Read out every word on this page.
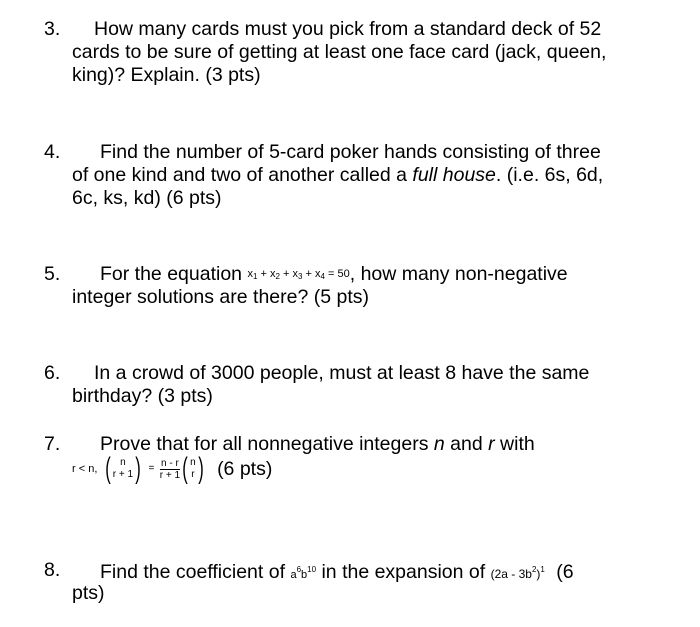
3. How many cards must you pick from a standard deck of 52
cards to be sure of getting at least one face card (jack, queen,
king)? Explain. (3 pts)
4. Find the number of 5-card poker hands consisting of three
of one kind and two of another called a full house. (i.e. 6s, 6d,
6c, ks, kd) (6 pts)
5. For the equation $x_1 + x_2 + x_3 + x_4 = 50$, how many non-negative
integer solutions are there? (5 pts)
6. In a crowd of 3000 people, must at least 8 have the same
birthday? (3 pts)
7. Prove that for all nonnegative integers n and r with
r < n, ( n
$r + 1) = \frac{n - r}{r + 1}$ ( n
r ) (6 pts)
8. Find the coefficient of $a^6b^{10}$ in the expansion of $(2a - 3b^2)^1$ (6
pts)
